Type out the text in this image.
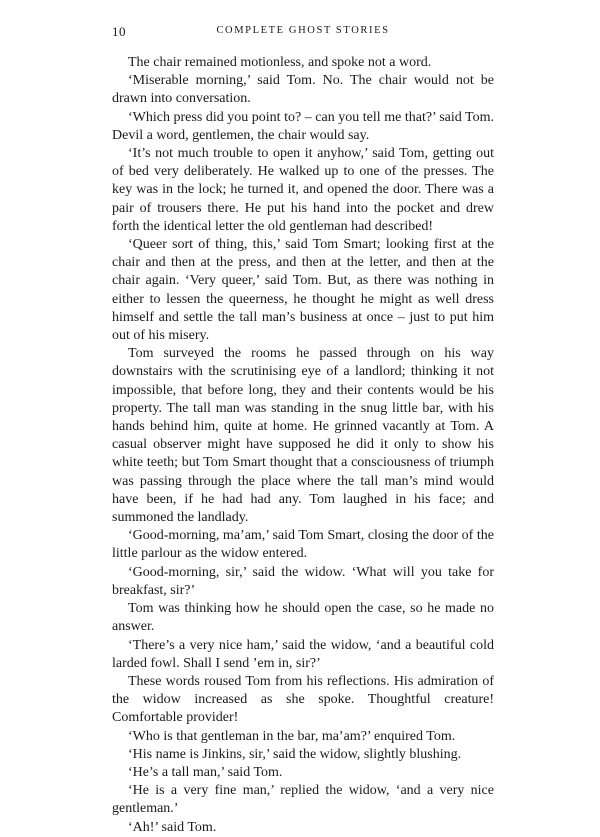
10	COMPLETE GHOST STORIES

The chair remained motionless, and spoke not a word.

‘Miserable morning,’ said Tom. No. The chair would not be drawn into conversation.

‘Which press did you point to? – can you tell me that?’ said Tom. Devil a word, gentlemen, the chair would say.

‘It’s not much trouble to open it anyhow,’ said Tom, getting out of bed very deliberately. He walked up to one of the presses. The key was in the lock; he turned it, and opened the door. There was a pair of trousers there. He put his hand into the pocket and drew forth the identical letter the old gentleman had described!

‘Queer sort of thing, this,’ said Tom Smart; looking first at the chair and then at the press, and then at the letter, and then at the chair again. ‘Very queer,’ said Tom. But, as there was nothing in either to lessen the queerness, he thought he might as well dress himself and settle the tall man’s business at once – just to put him out of his misery.

Tom surveyed the rooms he passed through on his way downstairs with the scrutinising eye of a landlord; thinking it not impossible, that before long, they and their contents would be his property. The tall man was standing in the snug little bar, with his hands behind him, quite at home. He grinned vacantly at Tom. A casual observer might have supposed he did it only to show his white teeth; but Tom Smart thought that a consciousness of triumph was passing through the place where the tall man’s mind would have been, if he had had any. Tom laughed in his face; and summoned the landlady.

‘Good-morning, ma’am,’ said Tom Smart, closing the door of the little parlour as the widow entered.

‘Good-morning, sir,’ said the widow. ‘What will you take for breakfast, sir?’

Tom was thinking how he should open the case, so he made no answer.

‘There’s a very nice ham,’ said the widow, ‘and a beautiful cold larded fowl. Shall I send ’em in, sir?’

These words roused Tom from his reflections. His admiration of the widow increased as she spoke. Thoughtful creature! Comfortable provider!

‘Who is that gentleman in the bar, ma’am?’ enquired Tom.

‘His name is Jinkins, sir,’ said the widow, slightly blushing.

‘He’s a tall man,’ said Tom.

‘He is a very fine man,’ replied the widow, ‘and a very nice gentleman.’

‘Ah!’ said Tom.
